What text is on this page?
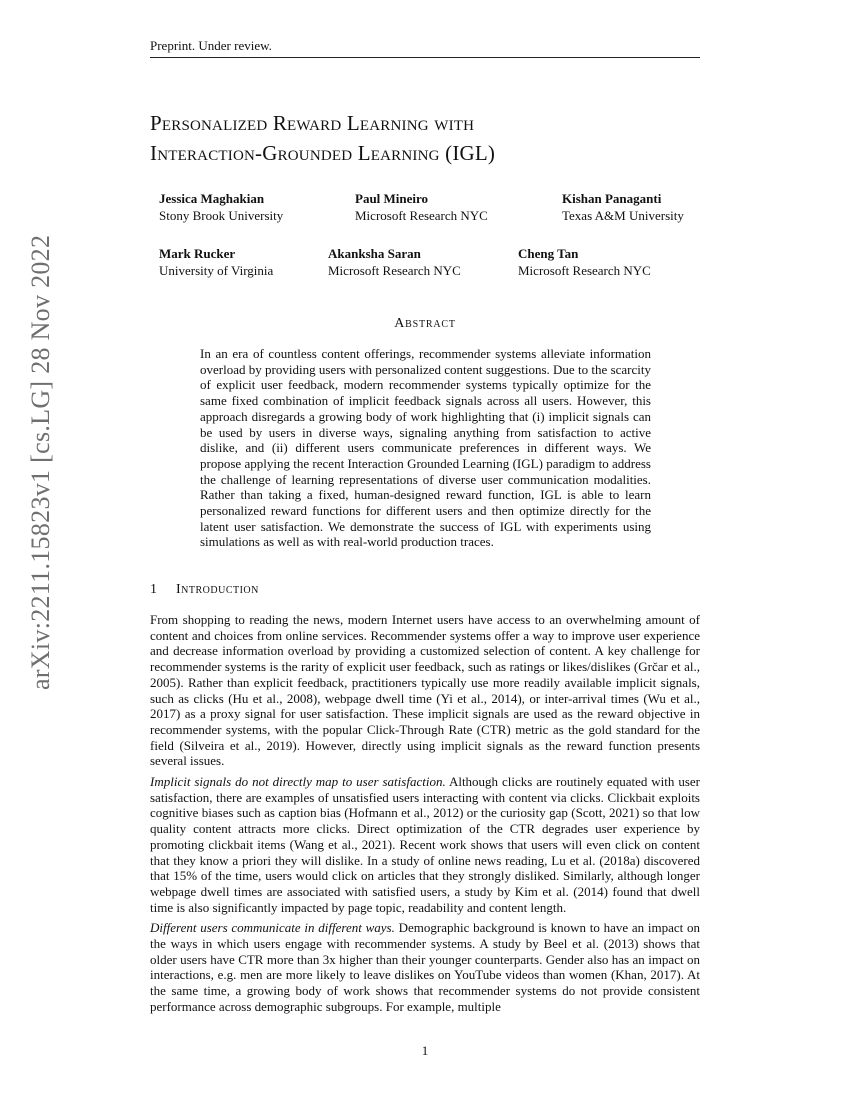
Preprint. Under review.
arXiv:2211.15823v1 [cs.LG] 28 Nov 2022
Personalized Reward Learning with
Interaction-Grounded Learning (IGL)
Jessica Maghakian
Stony Brook University
Paul Mineiro
Microsoft Research NYC
Kishan Panaganti
Texas A&M University
Mark Rucker
University of Virginia
Akanksha Saran
Microsoft Research NYC
Cheng Tan
Microsoft Research NYC
Abstract
In an era of countless content offerings, recommender systems alleviate information overload by providing users with personalized content suggestions. Due to the scarcity of explicit user feedback, modern recommender systems typically optimize for the same fixed combination of implicit feedback signals across all users. However, this approach disregards a growing body of work highlighting that (i) implicit signals can be used by users in diverse ways, signaling anything from satisfaction to active dislike, and (ii) different users communicate preferences in different ways. We propose applying the recent Interaction Grounded Learning (IGL) paradigm to address the challenge of learning representations of diverse user communication modalities. Rather than taking a fixed, human-designed reward function, IGL is able to learn personalized reward functions for different users and then optimize directly for the latent user satisfaction. We demonstrate the success of IGL with experiments using simulations as well as with real-world production traces.
1 Introduction

From shopping to reading the news, modern Internet users have access to an overwhelming amount of content and choices from online services. Recommender systems offer a way to improve user experience and decrease information overload by providing a customized selection of content. A key challenge for recommender systems is the rarity of explicit user feedback, such as ratings or likes/dislikes (Grčar et al., 2005). Rather than explicit feedback, practitioners typically use more readily available implicit signals, such as clicks (Hu et al., 2008), webpage dwell time (Yi et al., 2014), or inter-arrival times (Wu et al., 2017) as a proxy signal for user satisfaction. These implicit signals are used as the reward objective in recommender systems, with the popular Click-Through Rate (CTR) metric as the gold standard for the field (Silveira et al., 2019). However, directly using implicit signals as the reward function presents several issues.

Implicit signals do not directly map to user satisfaction. Although clicks are routinely equated with user satisfaction, there are examples of unsatisfied users interacting with content via clicks. Clickbait exploits cognitive biases such as caption bias (Hofmann et al., 2012) or the curiosity gap (Scott, 2021) so that low quality content attracts more clicks. Direct optimization of the CTR degrades user experience by promoting clickbait items (Wang et al., 2021). Recent work shows that users will even click on content that they know a priori they will dislike. In a study of online news reading, Lu et al. (2018a) discovered that 15% of the time, users would click on articles that they strongly disliked. Similarly, although longer webpage dwell times are associated with satisfied users, a study by Kim et al. (2014) found that dwell time is also significantly impacted by page topic, readability and content length.

Different users communicate in different ways. Demographic background is known to have an impact on the ways in which users engage with recommender systems. A study by Beel et al. (2013) shows that older users have CTR more than 3x higher than their younger counterparts. Gender also has an impact on interactions, e.g. men are more likely to leave dislikes on YouTube videos than women (Khan, 2017). At the same time, a growing body of work shows that recommender systems do not provide consistent performance across demographic subgroups. For example, multiple

1
